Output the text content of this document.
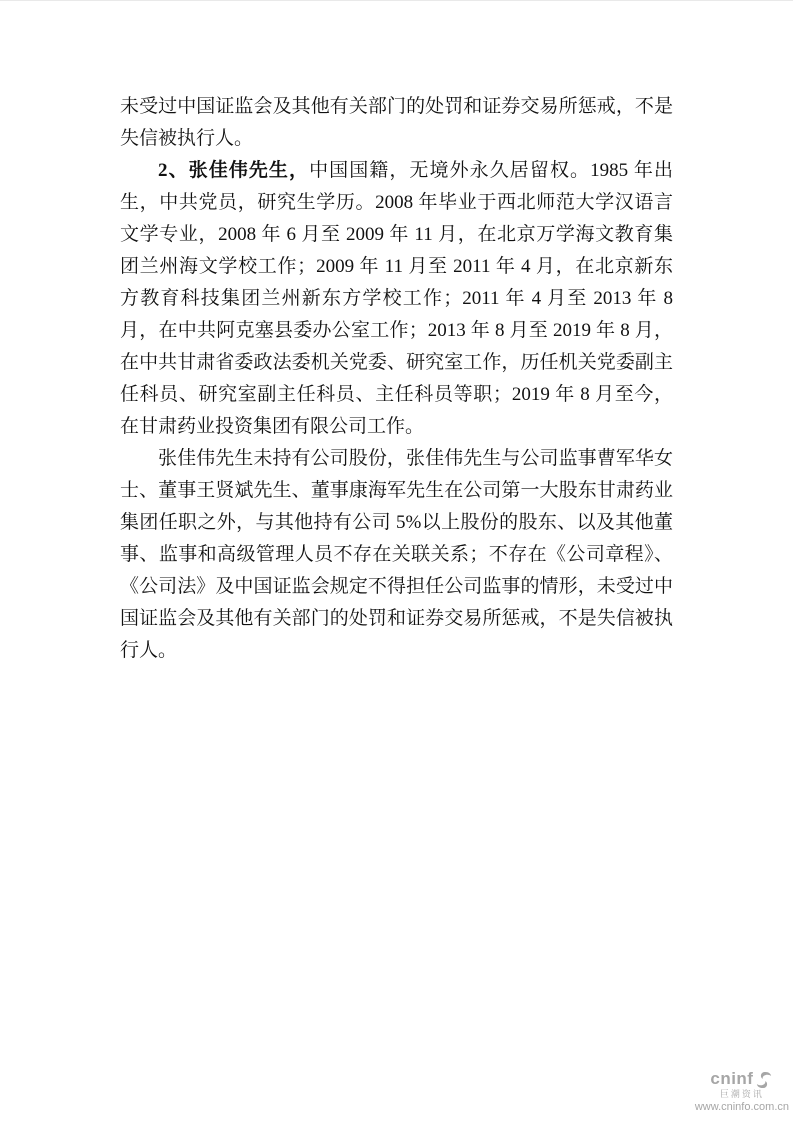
未受过中国证监会及其他有关部门的处罚和证券交易所惩戒，不是失信被执行人。

2、张佳伟先生，中国国籍，无境外永久居留权。1985 年出生，中共党员，研究生学历。2008 年毕业于西北师范大学汉语言文学专业，2008 年 6 月至 2009 年 11 月，在北京万学海文教育集团兰州海文学校工作；2009 年 11 月至 2011 年 4 月，在北京新东方教育科技集团兰州新东方学校工作；2011 年 4 月至 2013 年 8 月，在中共阿克塞县委办公室工作；2013 年 8 月至 2019 年 8 月，在中共甘肃省委政法委机关党委、研究室工作，历任机关党委副主任科员、研究室副主任科员、主任科员等职；2019 年 8 月至今，在甘肃药业投资集团有限公司工作。

张佳伟先生未持有公司股份，张佳伟先生与公司监事曹军华女士、董事王贤斌先生、董事康海军先生在公司第一大股东甘肃药业集团任职之外，与其他持有公司 5%以上股份的股东、以及其他董事、监事和高级管理人员不存在关联关系；不存在《公司章程》、《公司法》及中国证监会规定不得担任公司监事的情形，未受过中国证监会及其他有关部门的处罚和证券交易所惩戒，不是失信被执行人。

cninf
巨潮资讯
www.cninfo.com.cn
